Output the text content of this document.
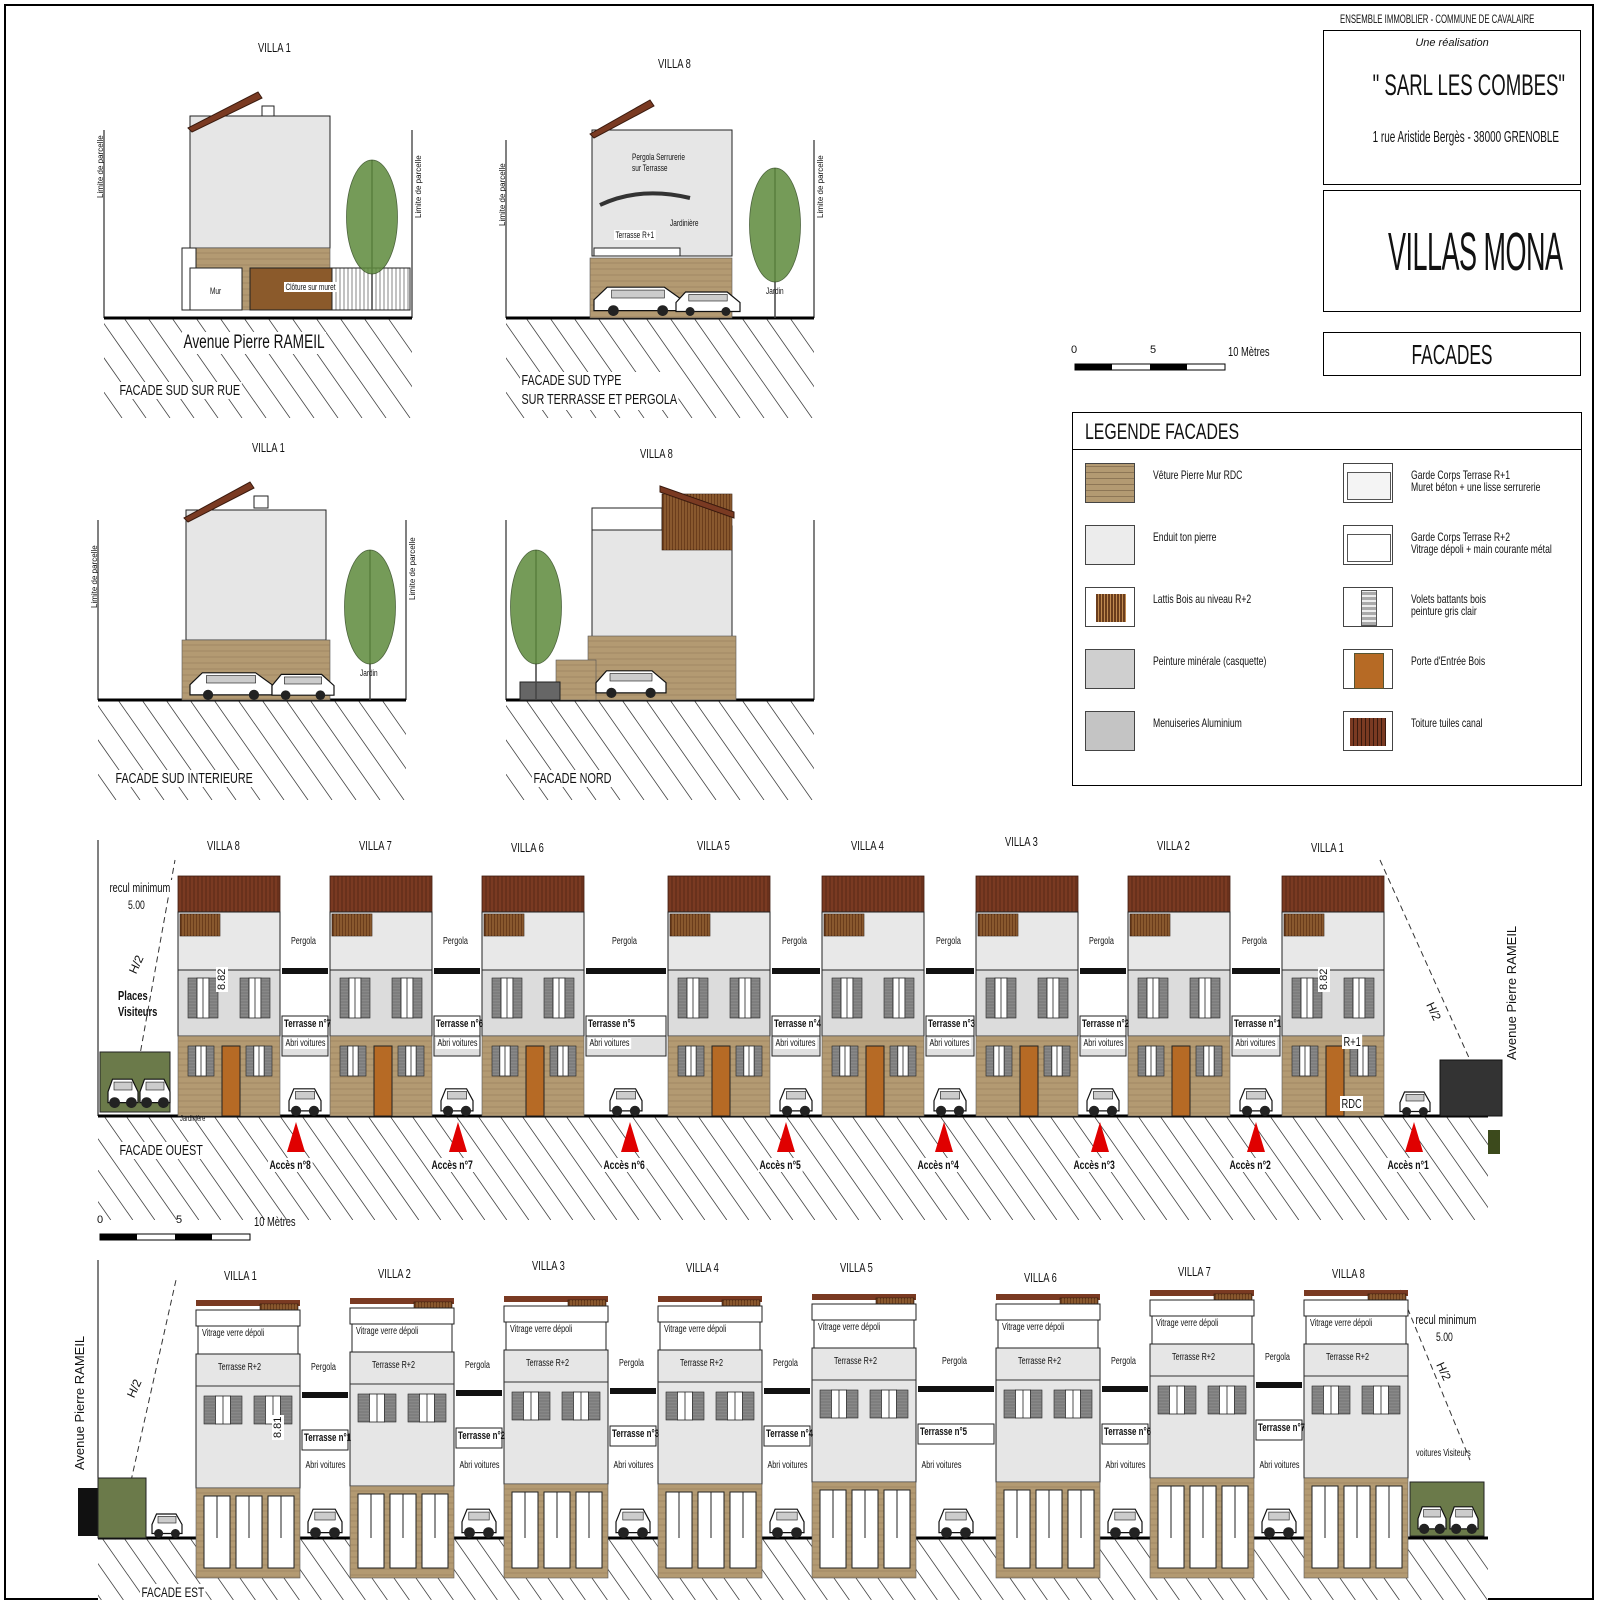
ENSEMBLE IMMOBLIER - COMMUNE DE CAVALAIRE
Une réalisation
" SARL LES COMBES"
1 rue Aristide Bergès - 38000 GRENOBLE
VILLAS MONA
FACADES
0	5	10 Mètres
LEGENDE FACADES
Vêture Pierre Mur RDC
Enduit ton pierre
Lattis Bois au niveau R+2
Peinture minérale (casquette)
Menuiseries Aluminium
Garde Corps Terrase R+1
Muret béton + une lisse serrurerie
Garde Corps Terrase R+2
Vitrage dépoli + main courante métal
Volets battants bois
peinture gris clair
Porte d'Entrée Bois
Toiture tuiles canal
VILLA 1
Limite de parcelle	Limite de parcelle
Mur	Clôture sur muret
Avenue Pierre RAMEIL
FACADE SUD SUR RUE
VILLA 8
Limite de parcelle	Limite de parcelle
Pergola Serrurerie
sur Terrasse
Jardinière
Terrasse R+1
Jardin
FACADE SUD TYPE
SUR TERRASSE ET PERGOLA
VILLA 1
Limite de parcelle	Limite de parcelle
Jardin
FACADE SUD INTERIEURE
VILLA 8
FACADE NORD
Pergola
Terrasse n°7
Abri voitures
VILLA 8
Accès n°8
Pergola
Terrasse n°6
Abri voitures
VILLA 7
Accès n°7
Pergola
Terrasse n°5
Abri voitures
VILLA 6
Accès n°6
Pergola
Terrasse n°4
Abri voitures
VILLA 5
Accès n°5
Pergola
Terrasse n°3
Abri voitures
VILLA 4
Accès n°4
Pergola
Terrasse n°2
Abri voitures
VILLA 3
Accès n°3
Pergola
Terrasse n°1
Abri voitures
VILLA 2
Accès n°2
VILLA 1
Accès n°1
Places
Visiteurs
Jardinière
recul minimum
5.00
H/2
H/2
8.82	8.82
R+1
RDC
FACADE OUEST
Avenue Pierre RAMEIL
0	5	10 Mètres
Vitrage verre dépoli
Terrasse R+2	Pergola
Terrasse n°1
Abri voitures
VILLA 1
Vitrage verre dépoli
Terrasse R+2	Pergola
Terrasse n°2
Abri voitures
VILLA 2
Vitrage verre dépoli
Terrasse R+2	Pergola
Terrasse n°3
Abri voitures
VILLA 3
Vitrage verre dépoli
Terrasse R+2	Pergola
Terrasse n°4
Abri voitures
VILLA 4
Vitrage verre dépoli
Terrasse R+2	Pergola
Terrasse n°5
Abri voitures
VILLA 5
Vitrage verre dépoli
Terrasse R+2	Pergola
Terrasse n°6
Abri voitures
VILLA 6
Vitrage verre dépoli
Terrasse R+2	Pergola
Terrasse n°7
Abri voitures
VILLA 7
Vitrage verre dépoli
Terrasse R+2
VILLA 8
voitures Visiteurs
recul minimum
5.00
H/2
H/2
8.81
FACADE EST
Avenue Pierre RAMEIL
